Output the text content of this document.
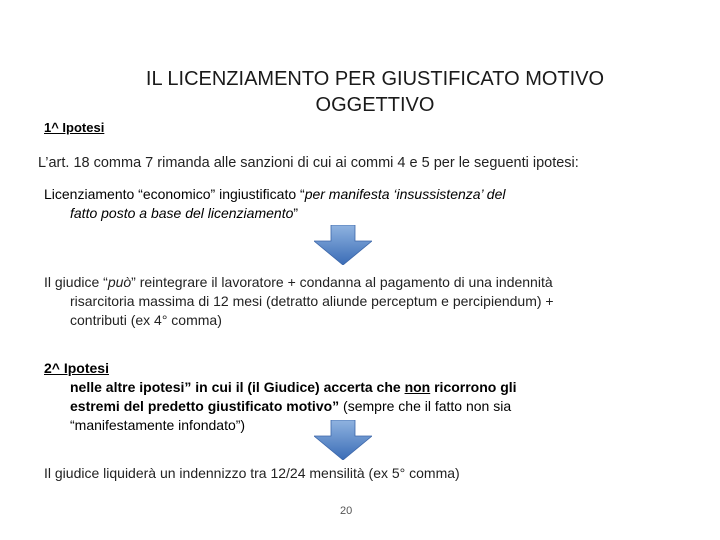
IL LICENZIAMENTO PER GIUSTIFICATO MOTIVO
OGGETTIVO
1^ Ipotesi
L’art. 18 comma 7 rimanda alle sanzioni di cui ai commi 4 e 5 per le seguenti ipotesi:
Licenziamento “economico” ingiustificato “per manifesta ‘insussistenza’ del
fatto posto a base del licenziamento”
Il giudice “può” reintegrare il lavoratore + condanna al pagamento di una indennità
risarcitoria massima di 12 mesi (detratto aliunde perceptum e percipiendum) +
contributi (ex 4° comma)
2^ Ipotesi
nelle altre ipotesi” in cui il (il Giudice) accerta che non ricorrono gli
estremi del predetto giustificato motivo” (sempre che il fatto non sia
“manifestamente infondato”)
Il giudice liquiderà un indennizzo tra 12/24 mensilità (ex 5° comma)
20
